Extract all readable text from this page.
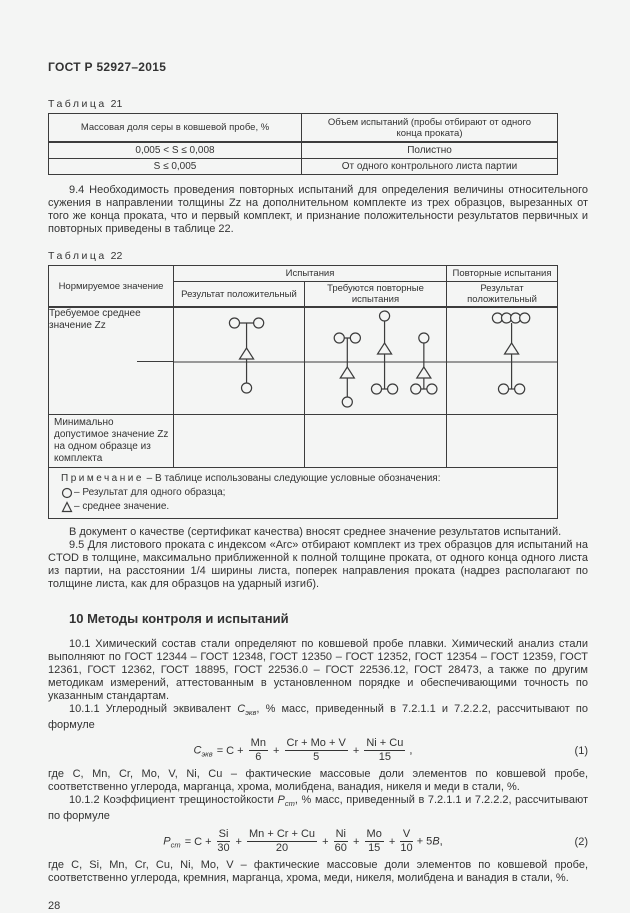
ГОСТ Р 52927–2015
Таблица 21
Массовая доля серы в ковшевой пробе, %	Объем испытаний (пробы отбирают от одного конца проката)
0,005 < S ≤ 0,008	Полистно
S ≤ 0,005	От одного контрольного листа партии

9.4 Необходимость проведения повторных испытаний для определения величины относительного сужения в направлении толщины Zz на дополнительном комплекте из трех образцов, вырезанных от того же конца проката, что и первый комплект, и признание положительности результатов первичных и повторных приведены в таблице 22.

Таблица 22
Нормируемое значение	Испытания		Повторные испытания
	Результат положительный	Требуются повторные испытания	Результат положительный
Требуемое среднее значение Zz

Минимально допустимое значение Zz на одном образце из комплекта			

Примечание – В таблице использованы следующие условные обозначения:
– Результат для одного образца;
– среднее значение.			

В документ о качестве (сертификат качества) вносят среднее значение результатов испытаний.

9.5 Для листового проката с индексом «Arc» отбирают комплект из трех образцов для испытаний на CTOD в толщине, максимально приближенной к полной толщине проката, от одного конца одного листа из партии, на расстоянии 1/4 ширины листа, поперек направления проката (надрез располагают по толщине листа, как для образцов на ударный изгиб).

10 Методы контроля и испытаний

10.1 Химический состав стали определяют по ковшевой пробе плавки. Химический анализ стали выполняют по ГОСТ 12344 – ГОСТ 12348, ГОСТ 12350 – ГОСТ 12352, ГОСТ 12354 – ГОСТ 12359, ГОСТ 12361, ГОСТ 12362, ГОСТ 18895, ГОСТ 22536.0 – ГОСТ 22536.12, ГОСТ 28473, а также по другим методикам измерений, аттестованным в установленном порядке и обеспечивающими точность по указанным стандартам.

10.1.1 Углеродный эквивалент $С_{экв}$, % масс, приведенный в 7.2.1.1 и 7.2.2.2, рассчитывают по формуле

$С_{экв} = С + \frac{Mn}{6} + \frac{Cr + Mo + V}{5} + \frac{Ni + Cu}{15}$ ,	(1)

где С, Mn, Cr, Mo, V, Ni, Cu – фактические массовые доли элементов по ковшевой пробе, соответственно углерода, марганца, хрома, молибдена, ванадия, никеля и меди в стали, %.

10.1.2 Коэффициент трещиностойкости $Р_{ст}$, % масс, приведенный в 7.2.1.1 и 7.2.2.2, рассчитывают по формуле

$Р_{ст} = С + \frac{Si}{30} + \frac{Mn + Cr + Cu}{20} + \frac{Ni}{60} + \frac{Mo}{15} + \frac{V}{10} + 5В$,	(2)

где С, Si, Mn, Cr, Cu, Ni, Mo, V – фактические массовые доли элементов по ковшевой пробе, соответственно углерода, кремния, марганца, хрома, меди, никеля, молибдена и ванадия в стали, %.

28
